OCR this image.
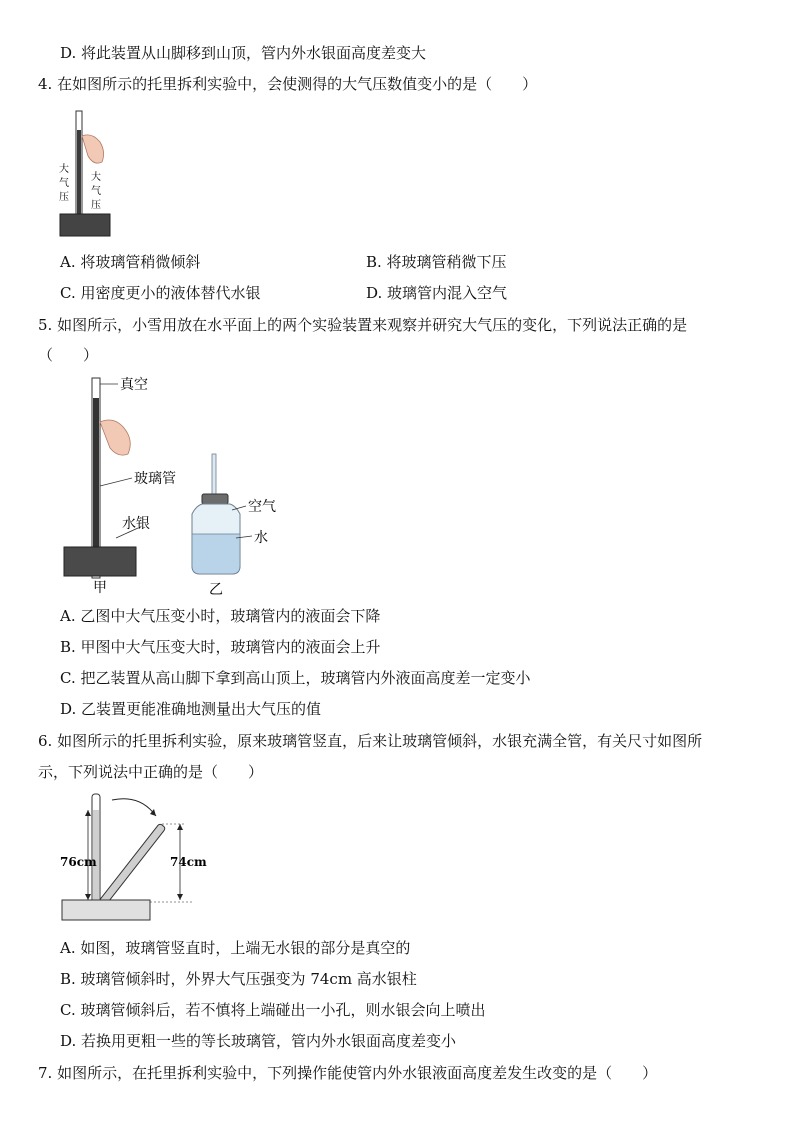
D. 将此装置从山脚移到山顶，管内外水银面高度差变大
4. 在如图所示的托里拆利实验中，会使测得的大气压数值变小的是（　　）
大
气
压
大
气
压
A. 将玻璃管稍微倾斜	B. 将玻璃管稍微下压
C. 用密度更小的液体替代水银	D. 玻璃管内混入空气
5. 如图所示，小雪用放在水平面上的两个实验装置来观察并研究大气压的变化，下列说法正确的是
（　　）
真空
玻璃管
水银
甲
空气
水
乙
A. 乙图中大气压变小时，玻璃管内的液面会下降
B. 甲图中大气压变大时，玻璃管内的液面会上升
C. 把乙装置从高山脚下拿到高山顶上，玻璃管内外液面高度差一定变小
D. 乙装置更能准确地测量出大气压的值
6. 如图所示的托里拆利实验，原来玻璃管竖直，后来让玻璃管倾斜，水银充满全管，有关尺寸如图所
示，下列说法中正确的是（　　）
76cm	74cm
A. 如图，玻璃管竖直时，上端无水银的部分是真空的
B. 玻璃管倾斜时，外界大气压强变为 74cm 高水银柱
C. 玻璃管倾斜后，若不慎将上端碰出一小孔，则水银会向上喷出
D. 若换用更粗一些的等长玻璃管，管内外水银面高度差变小
7. 如图所示，在托里拆利实验中，下列操作能使管内外水银液面高度差发生改变的是（　　）
